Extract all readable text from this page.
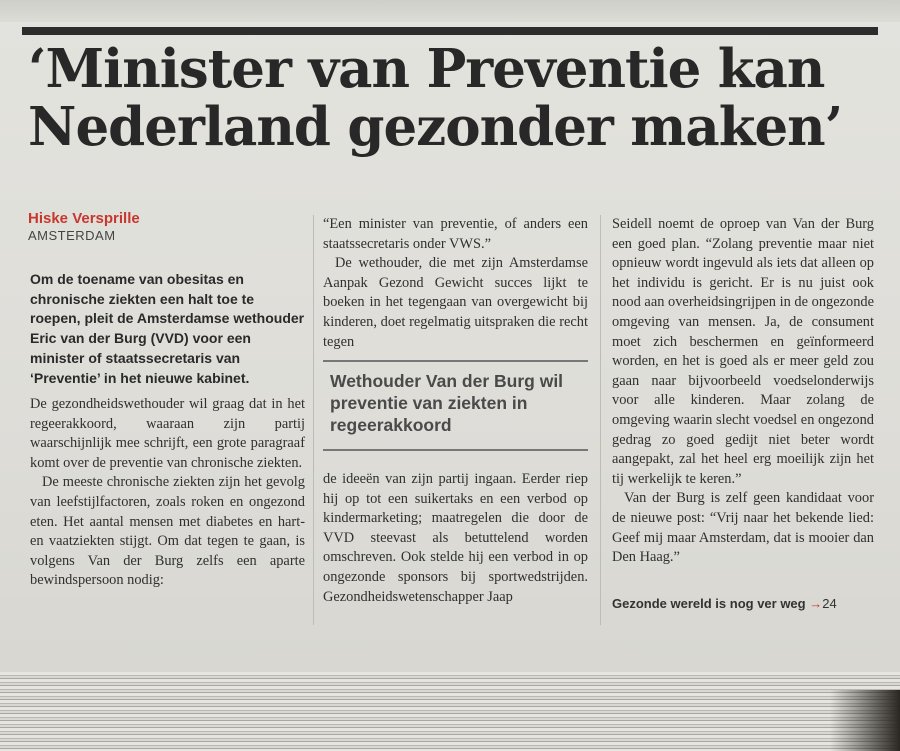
‘Minister van Preventie kan
Nederland gezonder maken’
Hiske Versprille
AMSTERDAM
Om de toename van obesitas en chronische ziekten een halt toe te roepen, pleit de Amsterdamse wethouder Eric van der Burg (VVD) voor een minister of staatssecretaris van ‘Preventie’ in het nieuwe kabinet.

De gezondheidswethouder wil graag dat in het regeerakkoord, waaraan zijn partij waarschijnlijk mee schrijft, een grote paragraaf komt over de preventie van chronische ziekten.

De meeste chronische ziekten zijn het gevolg van leefstijlfactoren, zoals roken en ongezond eten. Het aantal mensen met diabetes en hart- en vaatziekten stijgt. Om dat tegen te gaan, is volgens Van der Burg zelfs een aparte bewindspersoon nodig:

“Een minister van preventie, of anders een staatssecretaris onder VWS.”

De wethouder, die met zijn Amsterdamse Aanpak Gezond Gewicht succes lijkt te boeken in het tegengaan van overgewicht bij kinderen, doet regelmatig uitspraken die recht tegen

Wethouder Van der Burg wil preventie van ziekten in regeerakkoord

de ideeën van zijn partij ingaan. Eerder riep hij op tot een suikertaks en een verbod op kindermarketing; maatregelen die door de VVD steevast als betuttelend worden omschreven. Ook stelde hij een verbod in op ongezonde sponsors bij sportwedstrijden. Gezondheidswetenschapper Jaap

Seidell noemt de oproep van Van der Burg een goed plan. “Zolang preventie maar niet opnieuw wordt ingevuld als iets dat alleen op het individu is gericht. Er is nu juist ook nood aan overheidsingrijpen in de ongezonde omgeving van mensen. Ja, de consument moet zich beschermen en geïnformeerd worden, en het is goed als er meer geld zou gaan naar bijvoorbeeld voedselonderwijs voor alle kinderen. Maar zolang de omgeving waarin slecht voedsel en ongezond gedrag zo goed gedijt niet beter wordt aangepakt, zal het heel erg moeilijk zijn het tij werkelijk te keren.”

Van der Burg is zelf geen kandidaat voor de nieuwe post: “Vrij naar het bekende lied: Geef mij maar Amsterdam, dat is mooier dan Den Haag.”

Gezonde wereld is nog ver weg →24
